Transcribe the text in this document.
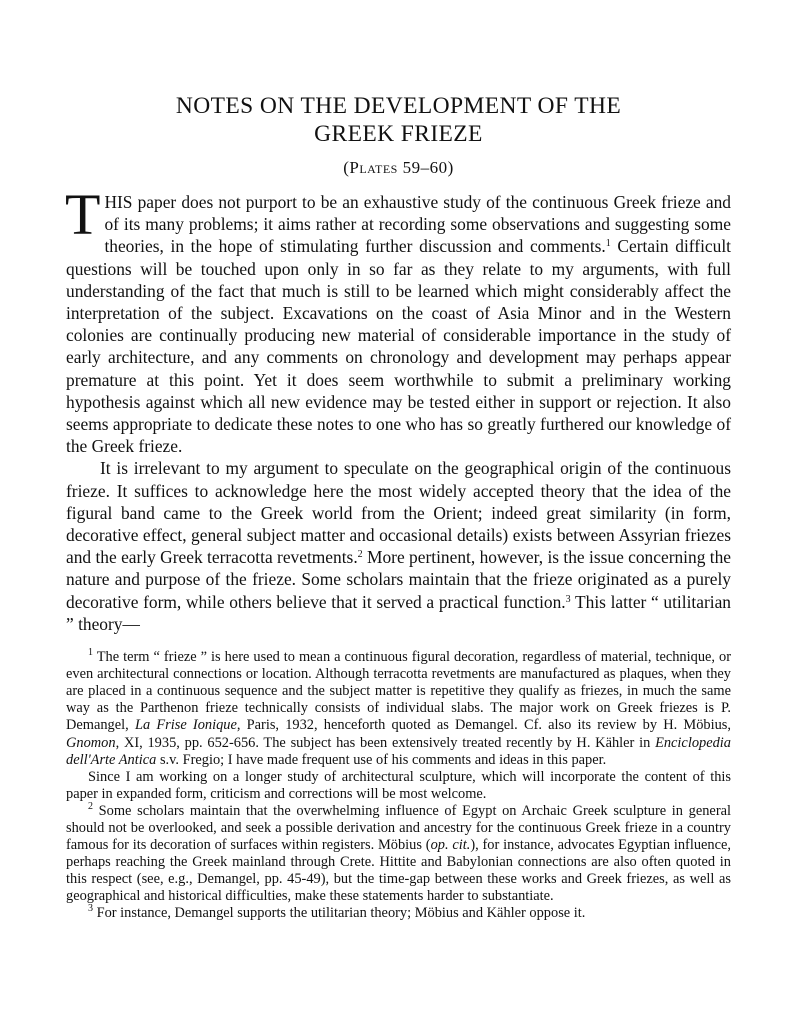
NOTES ON THE DEVELOPMENT OF THE
GREEK FRIEZE
(Plates 59–60)

THIS paper does not purport to be an exhaustive study of the continuous Greek frieze and of its many problems; it aims rather at recording some observations and suggesting some theories, in the hope of stimulating further discussion and comments.$^1$ Certain difficult questions will be touched upon only in so far as they relate to my arguments, with full understanding of the fact that much is still to be learned which might considerably affect the interpretation of the subject. Excavations on the coast of Asia Minor and in the Western colonies are continually producing new material of considerable importance in the study of early architecture, and any comments on chronology and development may perhaps appear premature at this point. Yet it does seem worthwhile to submit a preliminary working hypothesis against which all new evidence may be tested either in support or rejection. It also seems appropriate to dedicate these notes to one who has so greatly furthered our knowledge of the Greek frieze.

It is irrelevant to my argument to speculate on the geographical origin of the continuous frieze. It suffices to acknowledge here the most widely accepted theory that the idea of the figural band came to the Greek world from the Orient; indeed great similarity (in form, decorative effect, general subject matter and occasional details) exists between Assyrian friezes and the early Greek terracotta revetments.$^2$ More pertinent, however, is the issue concerning the nature and purpose of the frieze. Some scholars maintain that the frieze originated as a purely decorative form, while others believe that it served a practical function.$^3$ This latter “ utilitarian ” theory—

$^1$ The term “ frieze ” is here used to mean a continuous figural decoration, regardless of material, technique, or even architectural connections or location. Although terracotta revetments are manufactured as plaques, when they are placed in a continuous sequence and the subject matter is repetitive they qualify as friezes, in much the same way as the Parthenon frieze technically consists of individual slabs. The major work on Greek friezes is P. Demangel, La Frise Ionique, Paris, 1932, henceforth quoted as Demangel. Cf. also its review by H. Möbius, Gnomon, XI, 1935, pp. 652-656. The subject has been extensively treated recently by H. Kähler in Enciclopedia dell'Arte Antica s.v. Fregio; I have made frequent use of his comments and ideas in this paper.

Since I am working on a longer study of architectural sculpture, which will incorporate the content of this paper in expanded form, criticism and corrections will be most welcome.

$^2$ Some scholars maintain that the overwhelming influence of Egypt on Archaic Greek sculpture in general should not be overlooked, and seek a possible derivation and ancestry for the continuous Greek frieze in a country famous for its decoration of surfaces within registers. Möbius (op. cit.), for instance, advocates Egyptian influence, perhaps reaching the Greek mainland through Crete. Hittite and Babylonian connections are also often quoted in this respect (see, e.g., Demangel, pp. 45-49), but the time-gap between these works and Greek friezes, as well as geographical and historical difficulties, make these statements harder to substantiate.

$^3$ For instance, Demangel supports the utilitarian theory; Möbius and Kähler oppose it.
